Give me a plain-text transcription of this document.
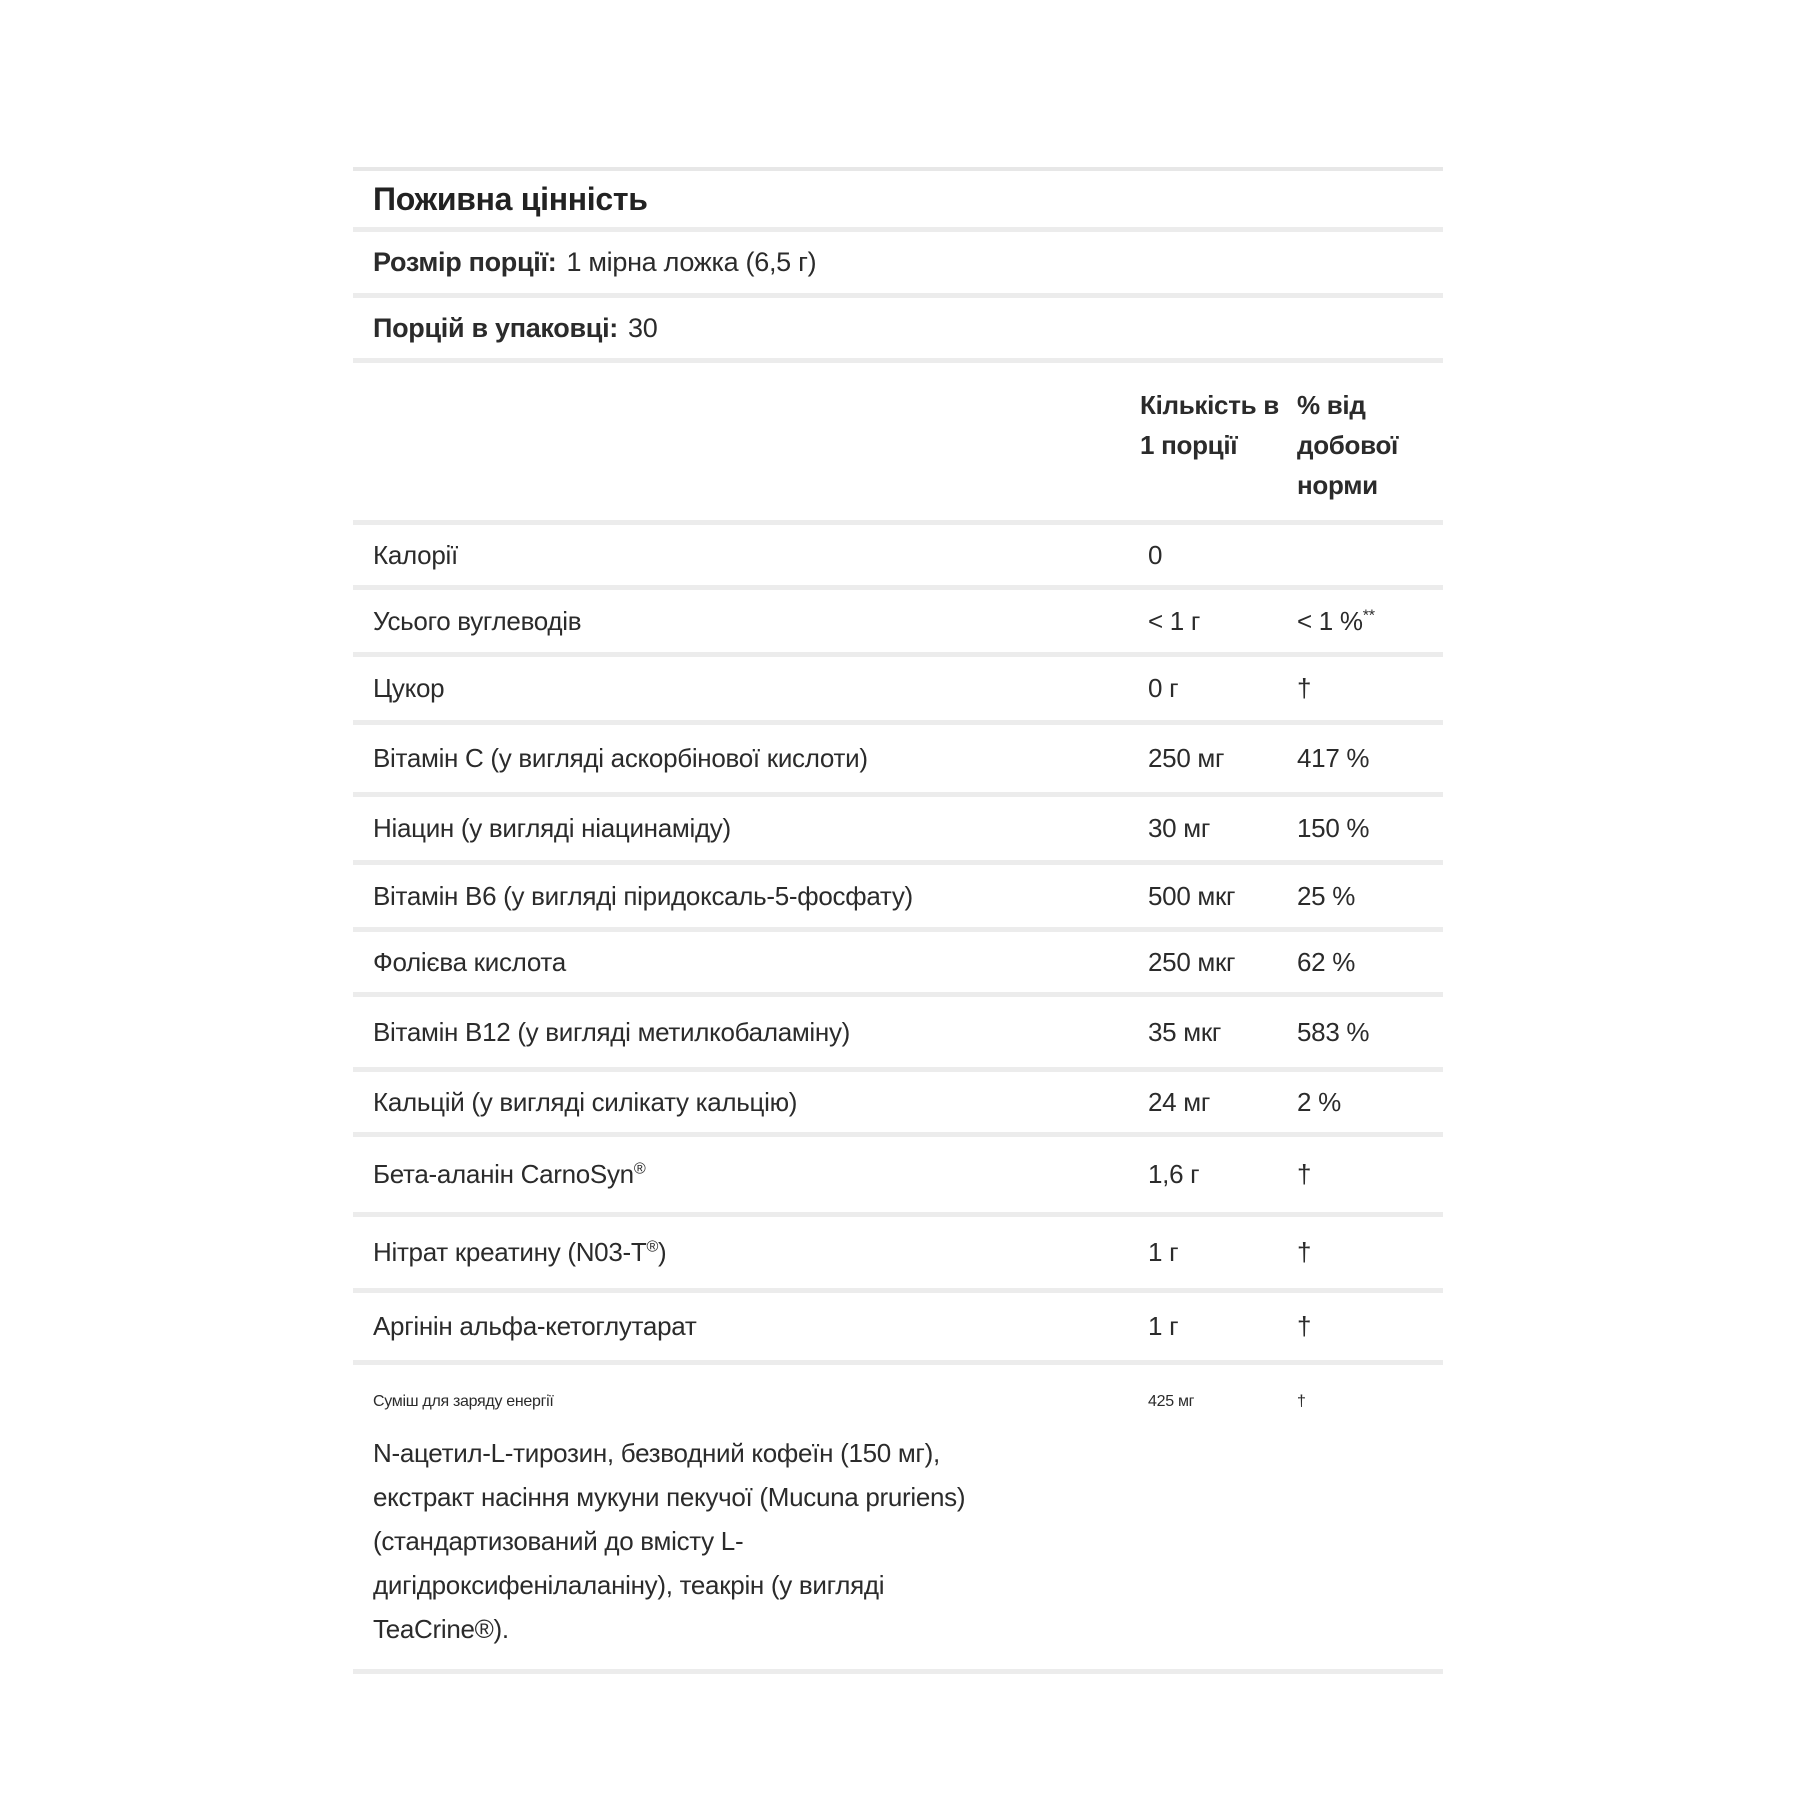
Поживна цінність
Розмір порції: 1 мірна ложка (6,5 г)
Порцій в упаковці: 30
Кількість в 1 порції
% від добової норми
Калорії	0
Усього вуглеводів	< 1 г	< 1 %**
Цукор	0 г	†
Вітамін C (у вигляді аскорбінової кислоти)	250 мг	417 %
Ніацин (у вигляді ніацинаміду)	30 мг	150 %
Вітамін B6 (у вигляді піридоксаль-5-фосфату)	500 мкг	25 %
Фолієва кислота	250 мкг	62 %
Вітамін B12 (у вигляді метилкобаламіну)	35 мкг	583 %
Кальцій (у вигляді силікату кальцію)	24 мг	2 %
Бета-аланін CarnoSyn®	1,6 г	†
Нітрат креатину (N03-T®)	1 г	†
Аргінін альфа-кетоглутарат	1 г	†
Суміш для заряду енергії	425 мг	†
N-ацетил-L-тирозин, безводний кофеїн (150 мг),
екстракт насіння мукуни пекучої (Mucuna pruriens)
(стандартизований до вмісту L-
дигідроксифенілаланіну), теакрін (у вигляді
TeaCrine®).
